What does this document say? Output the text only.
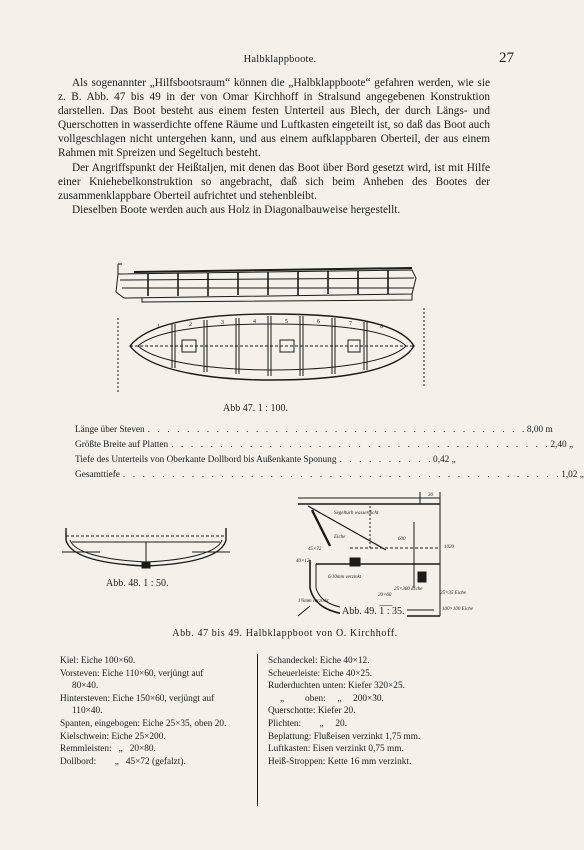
Halbklappboote.	27

Als sogenannter „Hilfsbootsraum“ können die „Halbklappboote“ gefahren werden, wie sie z. B. Abb. 47 bis 49 in der von Omar Kirchhoff in Stralsund angegebenen Konstruktion darstellen. Das Boot besteht aus einem festen Unterteil aus Blech, der durch Längs- und Querschotten in wasserdichte offene Räume und Luftkasten eingeteilt ist, so daß das Boot auch vollgeschlagen nicht untergehen kann, und aus einem aufklappbaren Oberteil, der aus einem Rahmen mit Spreizen und Segeltuch besteht.

Der Angriffspunkt der Heißtaljen, mit denen das Boot über Bord gesetzt wird, ist mit Hilfe einer Kniehebelkonstruktion so angebracht, daß sich beim Anheben des Bootes der zusammenklappbare Oberteil aufrichtet und stehenbleibt.

Dieselben Boote werden auch aus Holz in Diagonalbauweise hergestellt.

1	2	3	4	5	6	7	8
Abb 47. 1 : 100.
Länge über Steven . . . . . . . . . . . . . . . . . . . . . . . . . . . . . . . . . . . . . . . 8,00 m
Größte Breite auf Platten . . . . . . . . . . . . . . . . . . . . . . . . . . . . . . . . . . . . . . . 2,40 „
Tiefe des Unterteils von Oberkante Dollbord bis Außenkante Sponung . . . . . . . . . . 0,42 „
Gesamttiefe . . . . . . . . . . . . . . . . . . . . . . . . . . . . . . . . . . . . . . . . . . . . . 1,02 „
Abb. 48. 1 : 50.
30
Segeltuch wasserdicht
Eiche
45×72
40×12
600
1020
6/10mm verzinkt
1¾mm verzinkt
25×380 Eiche
20×60	25×35 Eiche
100×100 Eiche
Abb. 49. 1 : 35.
Abb. 47 bis 49. Halbklappboot von O. Kirchhoff.
Kiel: Eiche 100×60.
Vorsteven: Eiche 110×60, verjüngt auf
80×40.
Hintersteven: Eiche 150×60, verjüngt auf
110×40.
Spanten, eingebogen: Eiche 25×35, oben 20.
Kielschwein: Eiche 25×200.
Remmleisten:   „   20×80.
Dollbord:        „   45×72 (gefalzt).
Schandeckel: Eiche 40×12.
Scheuerleiste: Eiche 40×25.
Ruderduchten unten: Kiefer 320×25.
„         oben:     „     200×30.
Querschotte: Kiefer 20.
Plichten:        „     20.
Beplattung: Flußeisen verzinkt 1,75 mm.
Luftkasten: Eisen verzinkt 0,75 mm.
Heiß-Stroppen: Kette 16 mm verzinkt.
